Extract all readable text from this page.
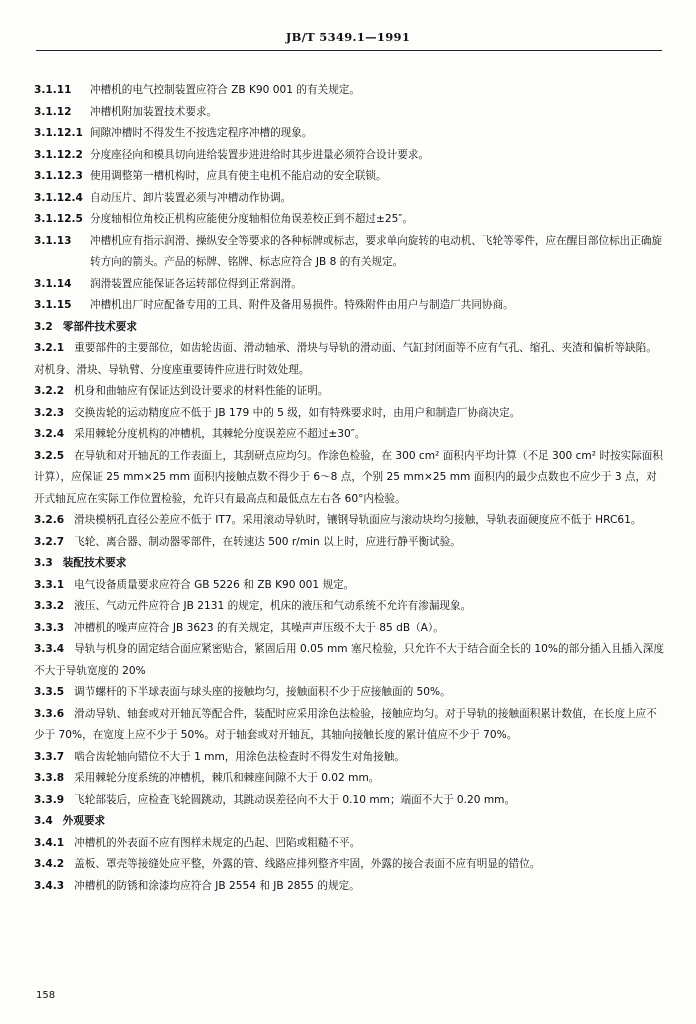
JB/T 5349.1—1991

3.1.11 冲槽机的电气控制装置应符合 ZB K90 001 的有关规定。

3.1.12 冲槽机附加装置技术要求。

3.1.12.1 间隙冲槽时不得发生不按选定程序冲槽的现象。

3.1.12.2 分度座径向和模具切向进给装置步进进给时其步进量必须符合设计要求。

3.1.12.3 使用调整第一槽机构时，应具有使主电机不能启动的安全联锁。

3.1.12.4 自动压片、卸片装置必须与冲槽动作协调。

3.1.12.5 分度轴相位角校正机构应能使分度轴相位角误差校正到不超过±25″。

3.1.13 冲槽机应有指示润滑、操纵安全等要求的各种标牌或标志，要求单向旋转的电动机、飞轮等零件，应在醒目部位标出正确旋转方向的箭头。产品的标牌、铭牌、标志应符合 JB 8 的有关规定。

3.1.14 润滑装置应能保证各运转部位得到正常润滑。

3.1.15 冲槽机出厂时应配备专用的工具、附件及备用易损件。特殊附件由用户与制造厂共同协商。

3.2 零部件技术要求

3.2.1 重要部件的主要部位，如齿轮齿面、滑动轴承、滑块与导轨的滑动面、气缸封闭面等不应有气孔、缩孔、夹渣和偏析等缺陷。对机身、滑块、导轨臂、分度座重要铸件应进行时效处理。

3.2.2 机身和曲轴应有保证达到设计要求的材料性能的证明。

3.2.3 交换齿轮的运动精度应不低于 JB 179 中的 5 级，如有特殊要求时，由用户和制造厂协商决定。

3.2.4 采用棘轮分度机构的冲槽机，其棘轮分度误差应不超过±30″。

3.2.5 在导轨和对开轴瓦的工作表面上，其刮研点应均匀。作涂色检验，在 300 cm² 面积内平均计算（不足 300 cm² 时按实际面积计算），应保证 25 mm×25 mm 面积内接触点数不得少于 6～8 点，个别 25 mm×25 mm 面积内的最少点数也不应少于 3 点，对开式轴瓦应在实际工作位置检验，允许只有最高点和最低点左右各 60°内检验。

3.2.6 滑块模柄孔直径公差应不低于 IT7。采用滚动导轨时，镶钢导轨面应与滚动块均匀接触，导轨表面硬度应不低于 HRC61。

3.2.7 飞轮、离合器、制动器零部件，在转速达 500 r/min 以上时，应进行静平衡试验。

3.3 装配技术要求

3.3.1 电气设备质量要求应符合 GB 5226 和 ZB K90 001 规定。

3.3.2 液压、气动元件应符合 JB 2131 的规定，机床的液压和气动系统不允许有渗漏现象。

3.3.3 冲槽机的噪声应符合 JB 3623 的有关规定，其噪声声压级不大于 85 dB（A）。

3.3.4 导轨与机身的固定结合面应紧密贴合，紧固后用 0.05 mm 塞尺检验，只允许不大于结合面全长的 10%的部分插入且插入深度不大于导轨宽度的 20%

3.3.5 调节螺杆的下半球表面与球头座的接触均匀，接触面积不少于应接触面的 50%。

3.3.6 滑动导轨、轴套或对开轴瓦等配合件，装配时应采用涂色法检验，接触应均匀。对于导轨的接触面积累计数值，在长度上应不少于 70%，在宽度上应不少于 50%。对于轴套或对开轴瓦，其轴向接触长度的累计值应不少于 70%。

3.3.7 啮合齿轮轴向错位不大于 1 mm，用涂色法检查时不得发生对角接触。

3.3.8 采用棘轮分度系统的冲槽机，棘爪和棘座间隙不大于 0.02 mm。

3.3.9 飞轮部装后，应检查飞轮圆跳动，其跳动误差径向不大于 0.10 mm；端面不大于 0.20 mm。

3.4 外观要求

3.4.1 冲槽机的外表面不应有图样未规定的凸起、凹陷或粗糙不平。

3.4.2 盖板、罩壳等接缝处应平整，外露的管、线路应排列整齐牢固，外露的接合表面不应有明显的错位。

3.4.3 冲槽机的防锈和涂漆均应符合 JB 2554 和 JB 2855 的规定。

158
